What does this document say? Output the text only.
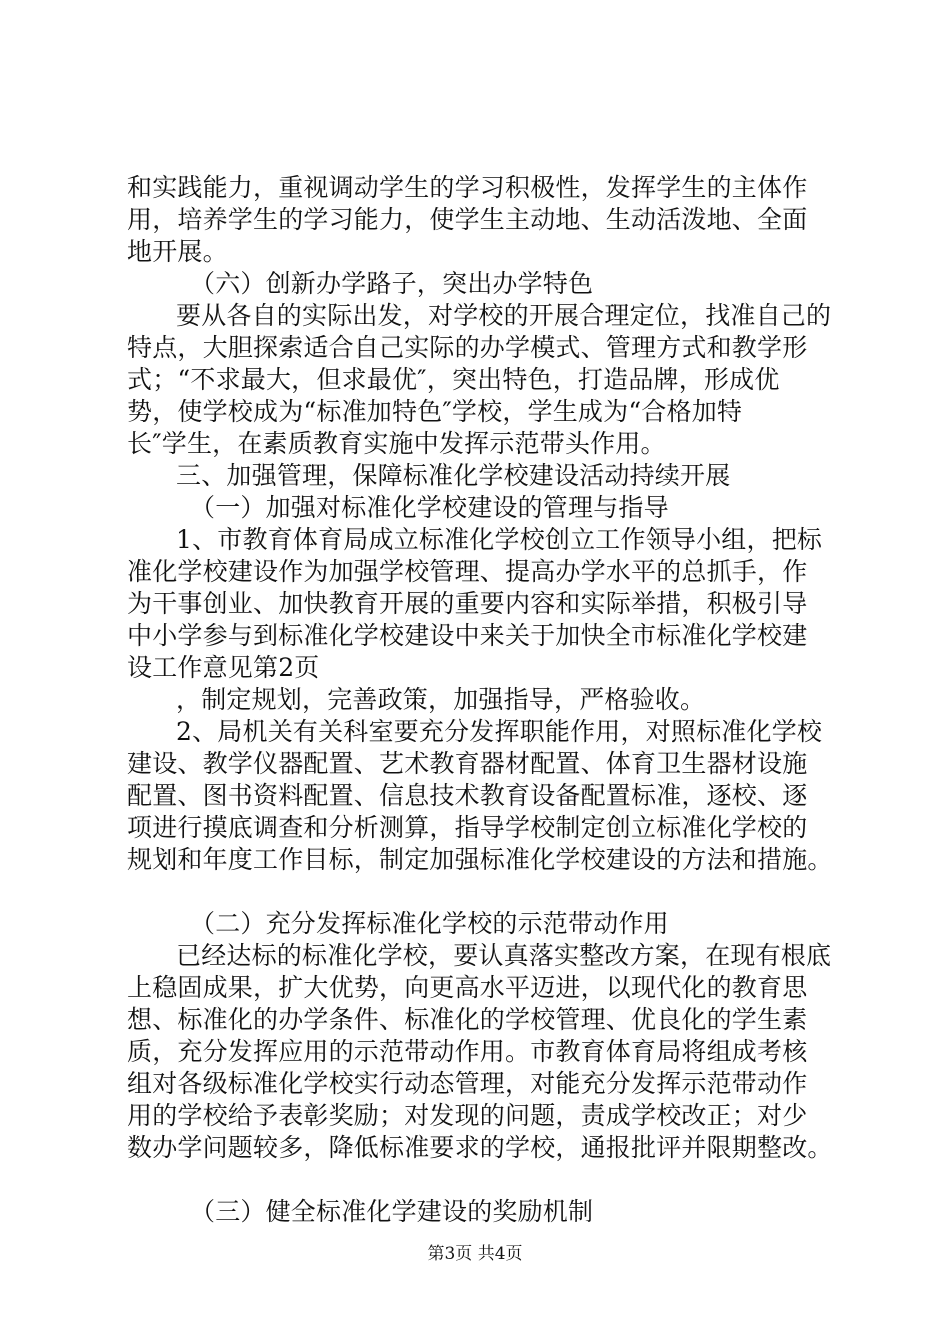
和实践能力，重视调动学生的学习积极性，发挥学生的主体作
用，培养学生的学习能力，使学生主动地、生动活泼地、全面
地开展。
（六）创新办学路子，突出办学特色
要从各自的实际出发，对学校的开展合理定位，找准自己的
特点，大胆探索适合自己实际的办学模式、管理方式和教学形
式；“不求最大，但求最优″，突出特色，打造品牌，形成优
势，使学校成为“标准加特色″学校，学生成为“合格加特
长″学生，在素质教育实施中发挥示范带头作用。
三、加强管理，保障标准化学校建设活动持续开展
（一）加强对标准化学校建设的管理与指导
1、市教育体育局成立标准化学校创立工作领导小组，把标
准化学校建设作为加强学校管理、提高办学水平的总抓手，作
为干事创业、加快教育开展的重要内容和实际举措，积极引导
中小学参与到标准化学校建设中来关于加快全市标准化学校建
设工作意见第2页
，制定规划，完善政策，加强指导，严格验收。
2、局机关有关科室要充分发挥职能作用，对照标准化学校
建设、教学仪器配置、艺术教育器材配置、体育卫生器材设施
配置、图书资料配置、信息技术教育设备配置标准，逐校、逐
项进行摸底调查和分析测算，指导学校制定创立标准化学校的
规划和年度工作目标，制定加强标准化学校建设的方法和措施。
（二）充分发挥标准化学校的示范带动作用
已经达标的标准化学校，要认真落实整改方案，在现有根底
上稳固成果，扩大优势，向更高水平迈进，以现代化的教育思
想、标准化的办学条件、标准化的学校管理、优良化的学生素
质，充分发挥应用的示范带动作用。市教育体育局将组成考核
组对各级标准化学校实行动态管理，对能充分发挥示范带动作
用的学校给予表彰奖励；对发现的问题，责成学校改正；对少
数办学问题较多，降低标准要求的学校，通报批评并限期整改。
（三）健全标准化学建设的奖励机制
第3页 共4页
